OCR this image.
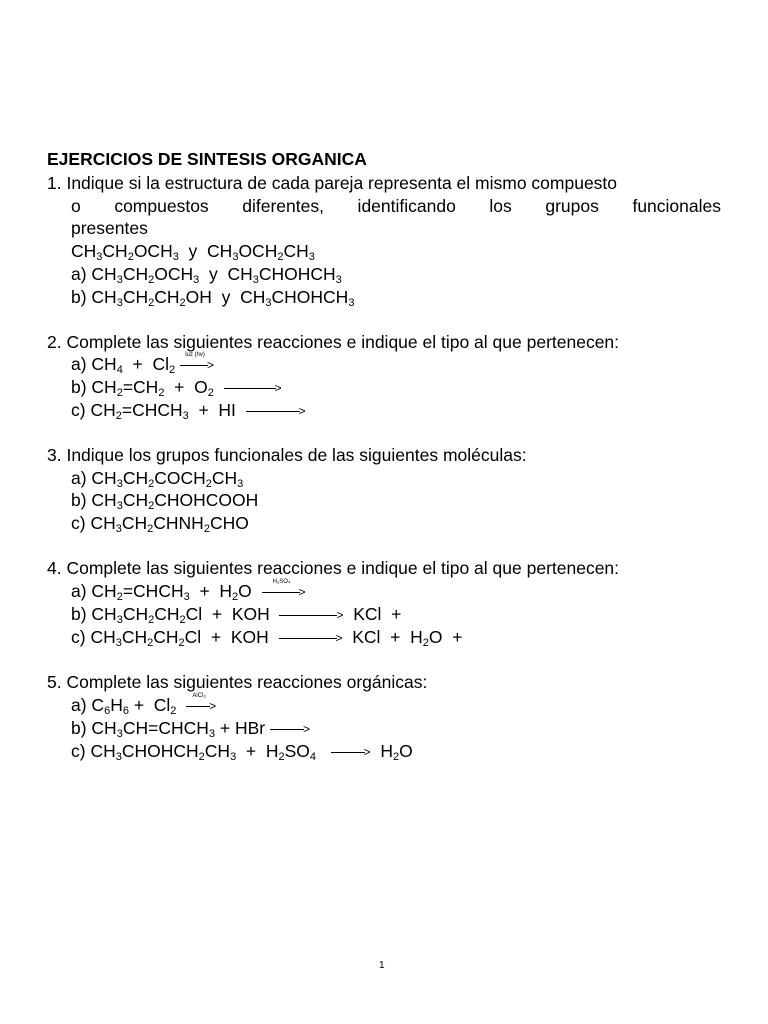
EJERCICIOS DE SINTESIS ORGANICA
1. Indique si la estructura de cada pareja representa el mismo compuesto
o compuestos diferentes, identificando los grupos funcionales
presentes
$CH_3CH_2OCH_3$  y  $CH_3OCH_2CH_3$
a) $CH_3CH_2OCH_3$  y  $CH_3CHOHCH_3$
b) $CH_3CH_2CH_2OH$  y  $CH_3CHOHCH_3$
2. Complete las siguientes reacciones e indique el tipo al que pertenecen:
a) $CH_4 + Cl_2$
luz (hv)
>
b) $CH_2=CH_2 + O_2$	>
c) $CH_2=CHCH_3$  +  HI	>
3. Indique los grupos funcionales de las siguientes moléculas:
a) $CH_3CH_2COCH_2CH_3$
b) $CH_3CH_2CHOHCOOH$
c) $CH_3CH_2CHNH_2CHO$
4. Complete las siguientes reacciones e indique el tipo al que pertenecen:
a) $CH_2=CHCH_3 + H_2O$	H₂SO₄
>
b) $CH_3CH_2CH_2Cl$  +  KOH	> KCl  +
c) $CH_3CH_2CH_2Cl$  +  KOH	> KCl  +  $H_2O$  +
5. Complete las siguientes reacciones orgánicas:
a) $C_6H_6 + Cl_2$
AlCl₃
>
b) $CH_3CH=CHCH_3$ + HBr	>
c) $CH_3CHOHCH_2CH_3 + H_2SO_4$	> $H_2O$
1
